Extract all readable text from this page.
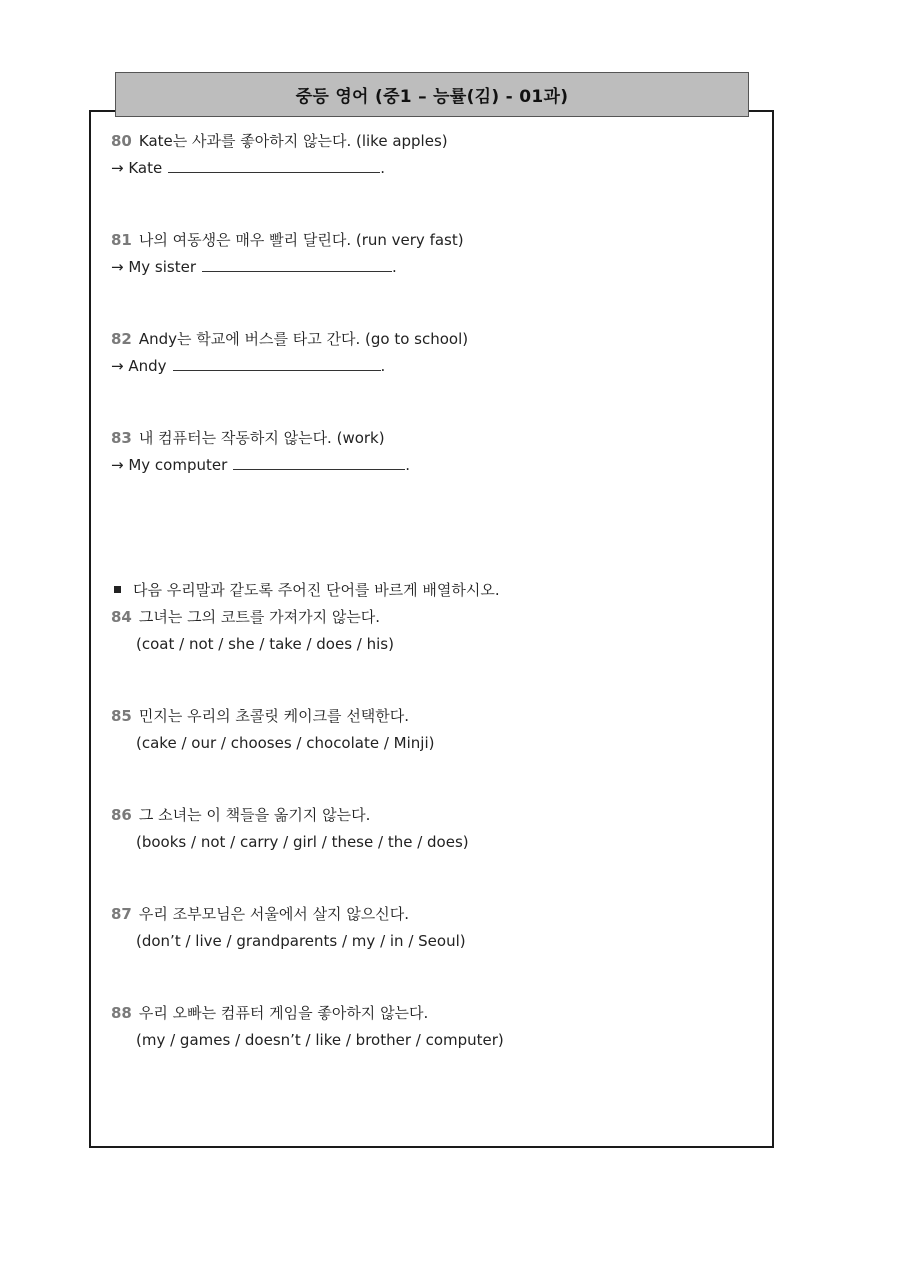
중등 영어 (중1 – 능률(김) - 01과)
80 Kate는 사과를 좋아하지 않는다. (like apples)
→ Kate	.
81 나의 여동생은 매우 빨리 달린다. (run very fast)
→ My sister	.
82 Andy는 학교에 버스를 타고 간다. (go to school)
→ Andy	.
83 내 컴퓨터는 작동하지 않는다. (work)
→ My computer	.
다음 우리말과 같도록 주어진 단어를 바르게 배열하시오.
84 그녀는 그의 코트를 가져가지 않는다.
(coat / not / she / take / does / his)
85 민지는 우리의 초콜릿 케이크를 선택한다.
(cake / our / chooses / chocolate / Minji)
86 그 소녀는 이 책들을 옮기지 않는다.
(books / not / carry / girl / these / the / does)
87 우리 조부모님은 서울에서 살지 않으신다.
(don’t / live / grandparents / my / in / Seoul)
88 우리 오빠는 컴퓨터 게임을 좋아하지 않는다.
(my / games / doesn’t / like / brother / computer)
